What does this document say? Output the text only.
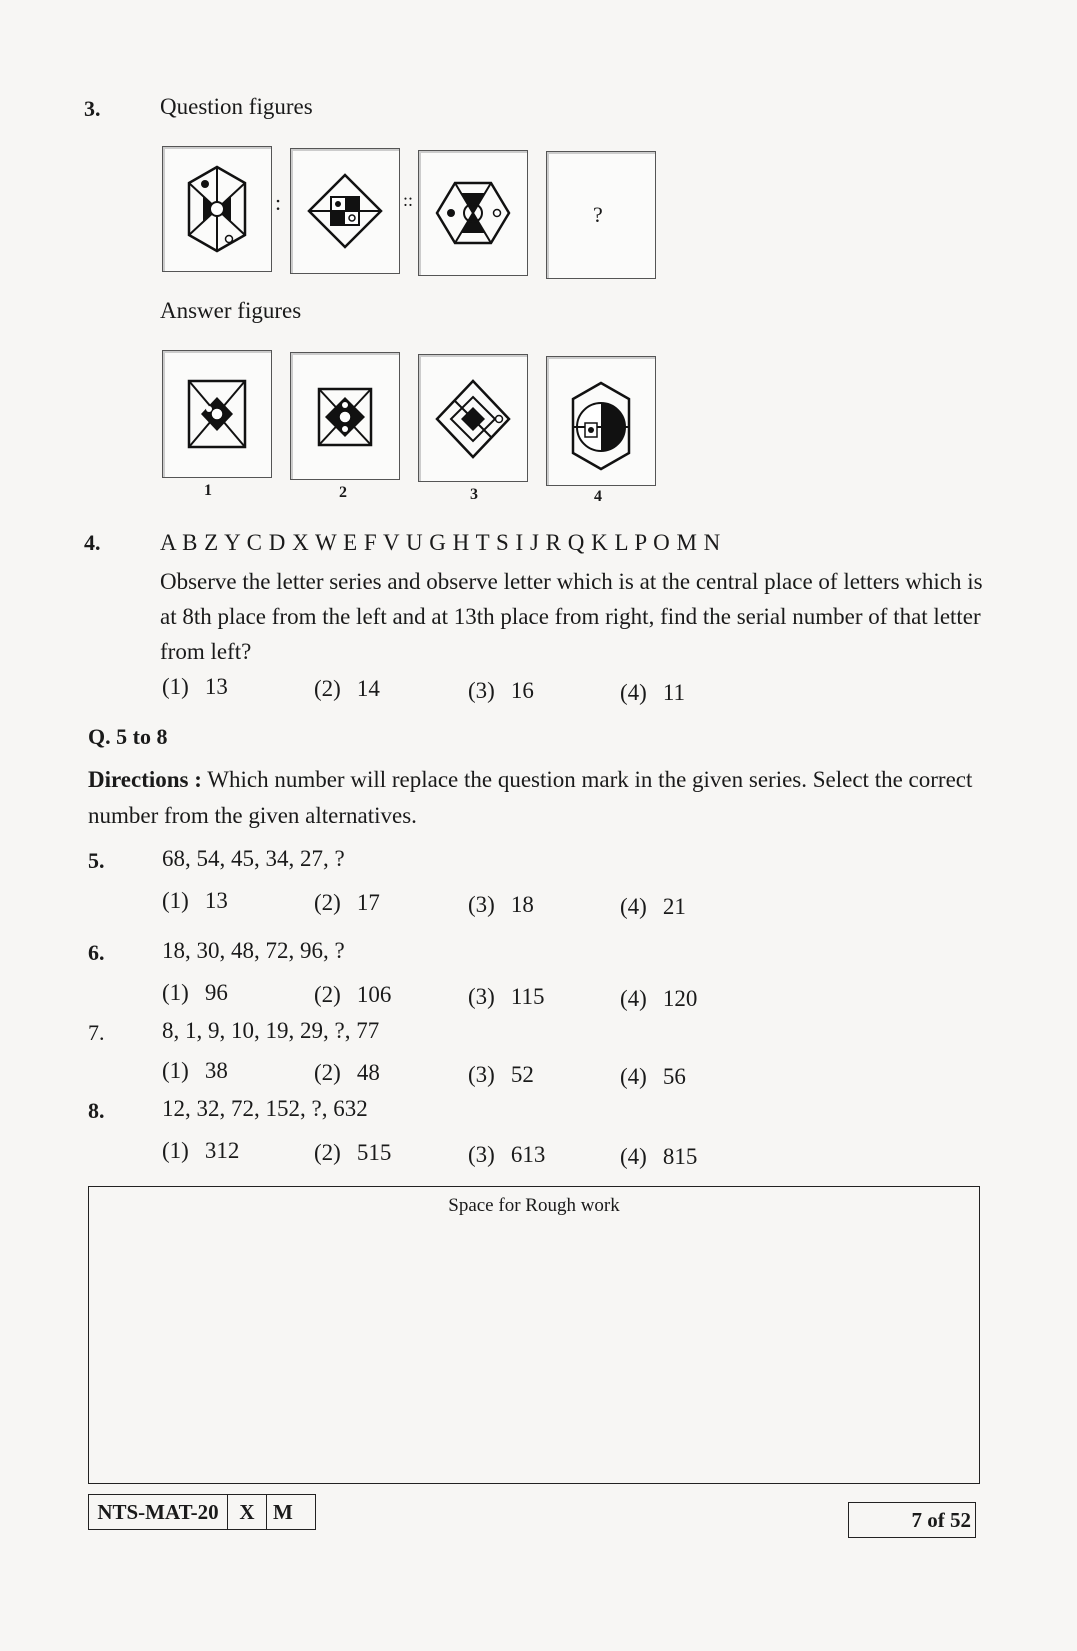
3.	Question figures
:	::
?
Answer figures
1	2	3	4
4.	A B Z Y C D X W E F V U G H T S I J R Q K L P O M N
Observe the letter series and observe letter which is at the central place of letters which is at 8th place from the left and at 13th place from right, find the serial number of that letter from left?
(1) 13	(2) 14	(3) 16	(4) 11
Q. 5 to 8
Directions : Which number will replace the question mark in the given series. Select the correct number from the given alternatives.
5.	68, 54, 45, 34, 27, ?
(1) 13	(2) 17	(3) 18	(4) 21
6.	18, 30, 48, 72, 96, ?
(1) 96	(2) 106	(3) 115	(4) 120
7.	8, 1, 9, 10, 19, 29, ?, 77
(1) 38	(2) 48	(3) 52	(4) 56
8.	12, 32, 72, 152, ?, 632
(1) 312	(2) 515	(3) 613	(4) 815
Space for Rough work
NTS-MAT-20 X M	7 of 52
